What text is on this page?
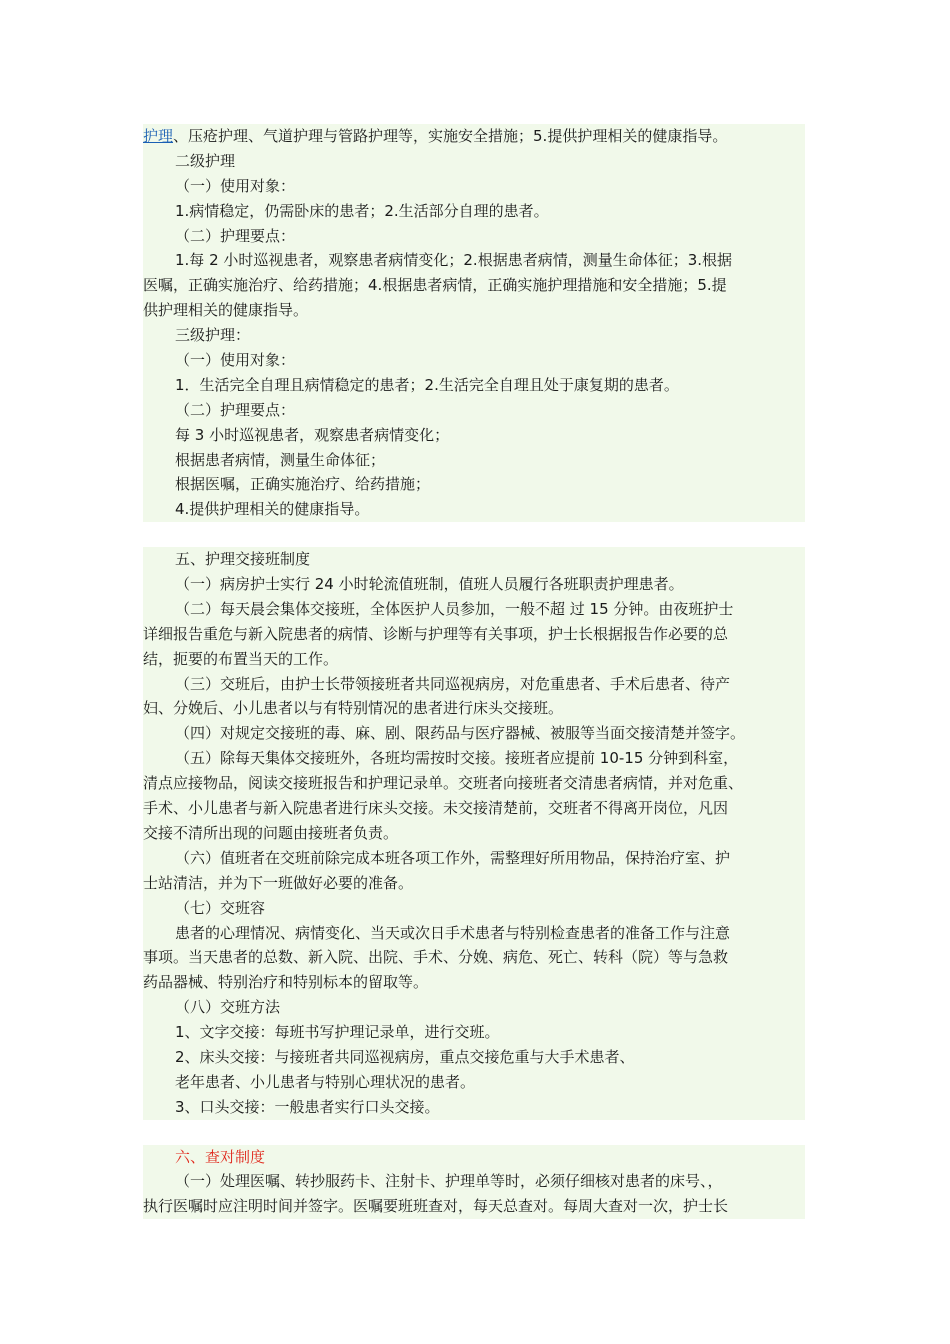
护理、压疮护理、气道护理与管路护理等，实施安全措施；5.提供护理相关的健康指导。
二级护理
（一）使用对象：
1.病情稳定，仍需卧床的患者；2.生活部分自理的患者。
（二）护理要点：
1.每 2 小时巡视患者，观察患者病情变化；2.根据患者病情，测量生命体征；3.根据
医嘱，正确实施治疗、给药措施；4.根据患者病情，正确实施护理措施和安全措施；5.提
供护理相关的健康指导。
三级护理：
（一）使用对象：
1．生活完全自理且病情稳定的患者；2.生活完全自理且处于康复期的患者。
（二）护理要点：
每 3 小时巡视患者，观察患者病情变化；
根据患者病情，测量生命体征；
根据医嘱，正确实施治疗、给药措施；
4.提供护理相关的健康指导。
五、护理交接班制度
（一）病房护士实行 24 小时轮流值班制，值班人员履行各班职责护理患者。
（二）每天晨会集体交接班，全体医护人员参加，一般不超 过 15 分钟。由夜班护士
详细报告重危与新入院患者的病情、诊断与护理等有关事项，护士长根据报告作必要的总
结，扼要的布置当天的工作。
（三）交班后，由护士长带领接班者共同巡视病房，对危重患者、手术后患者、待产
妇、分娩后、小儿患者以与有特别情况的患者进行床头交接班。
（四）对规定交接班的毒、麻、剧、限药品与医疗器械、被服等当面交接清楚并签字。
（五）除每天集体交接班外，各班均需按时交接。接班者应提前 10-15 分钟到科室，
清点应接物品，阅读交接班报告和护理记录单。交班者向接班者交清患者病情，并对危重、
手术、小儿患者与新入院患者进行床头交接。未交接清楚前，交班者不得离开岗位，凡因
交接不清所出现的问题由接班者负责。
（六）值班者在交班前除完成本班各项工作外，需整理好所用物品，保持治疗室、护
士站清洁，并为下一班做好必要的准备。
（七）交班容
患者的心理情况、病情变化、当天或次日手术患者与特别检查患者的准备工作与注意
事项。当天患者的总数、新入院、出院、手术、分娩、病危、死亡、转科（院）等与急救
药品器械、特别治疗和特别标本的留取等。
（八）交班方法
1、文字交接：每班书写护理记录单，进行交班。
2、床头交接：与接班者共同巡视病房，重点交接危重与大手术患者、
老年患者、小儿患者与特别心理状况的患者。
3、口头交接：一般患者实行口头交接。
六、查对制度
（一）处理医嘱、转抄服药卡、注射卡、护理单等时，必须仔细核对患者的床号、，
执行医嘱时应注明时间并签字。医嘱要班班查对，每天总查对。每周大查对一次，护士长
